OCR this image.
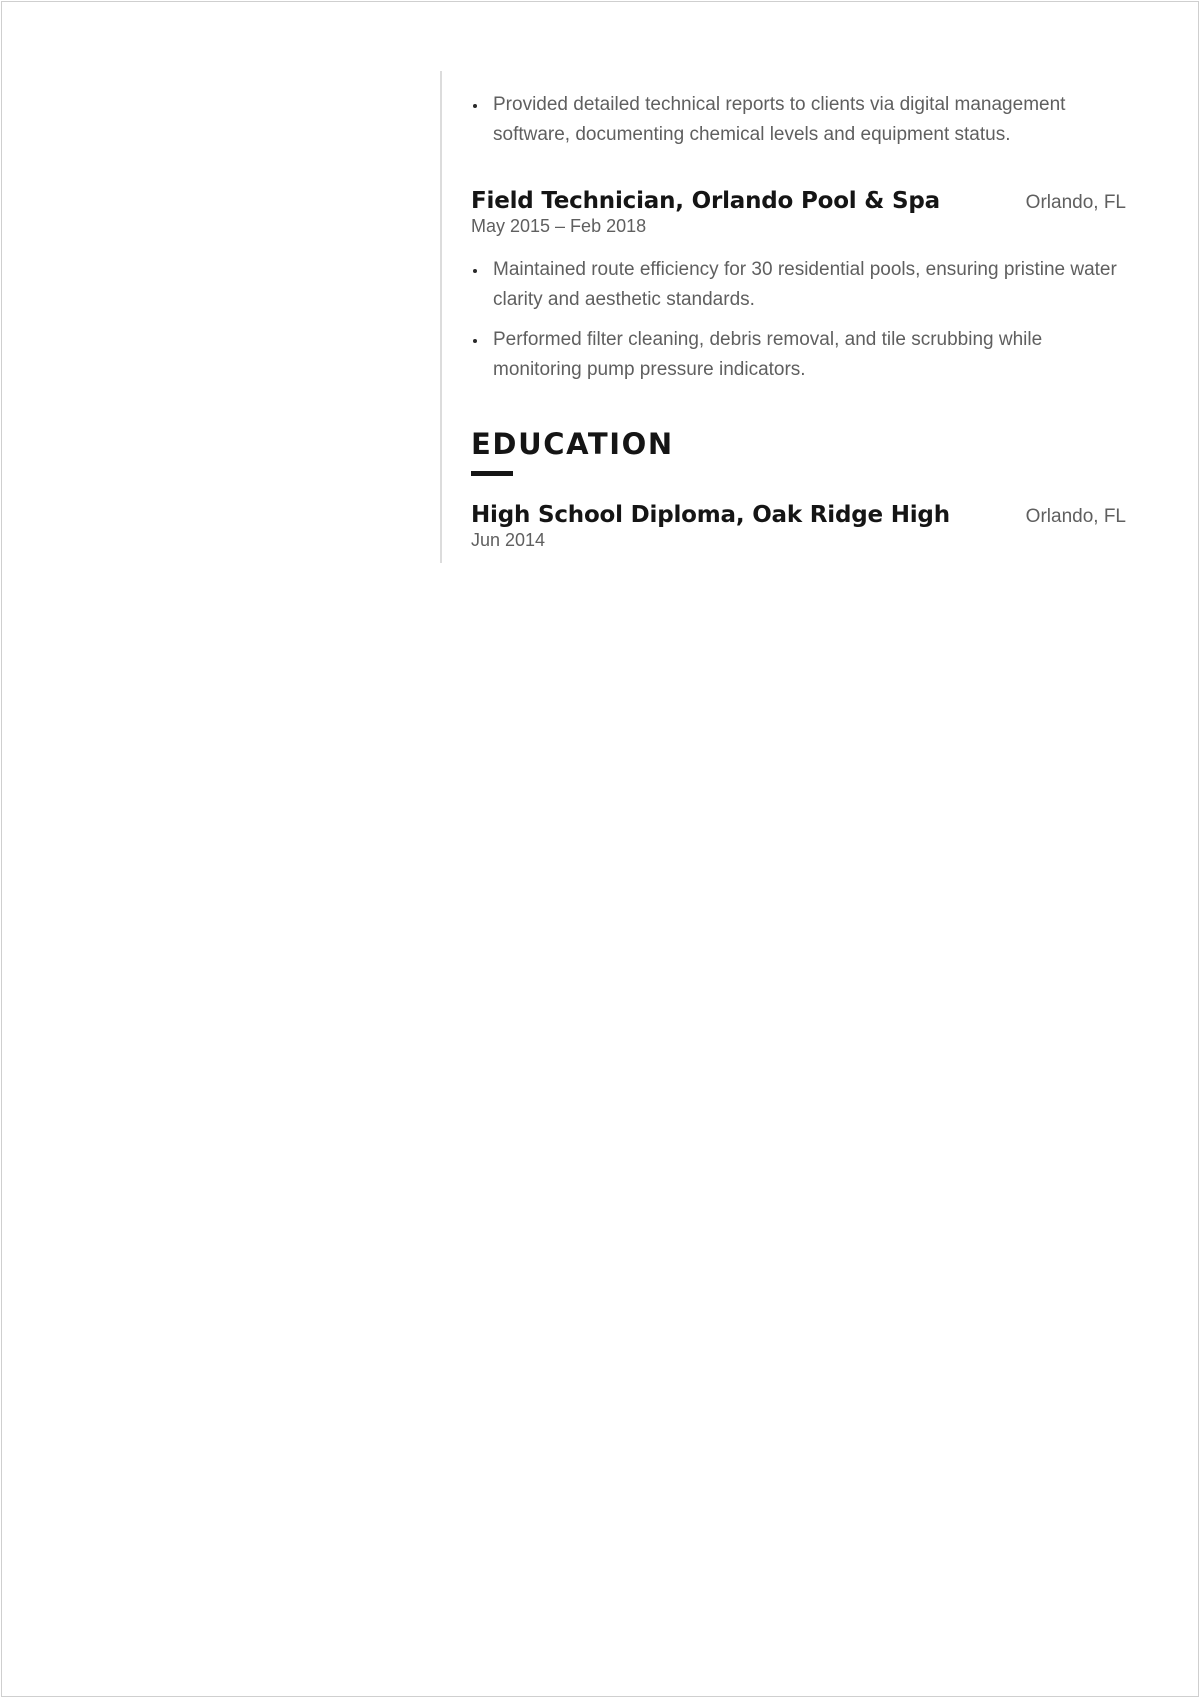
Provided detailed technical reports to clients via digital management software, documenting chemical levels and equipment status.
Field Technician, Orlando Pool & Spa	Orlando, FL
May 2015 – Feb 2018
Maintained route efficiency for 30 residential pools, ensuring pristine water clarity and aesthetic standards.
Performed filter cleaning, debris removal, and tile scrubbing while monitoring pump pressure indicators.
EDUCATION
High School Diploma, Oak Ridge High	Orlando, FL
Jun 2014
